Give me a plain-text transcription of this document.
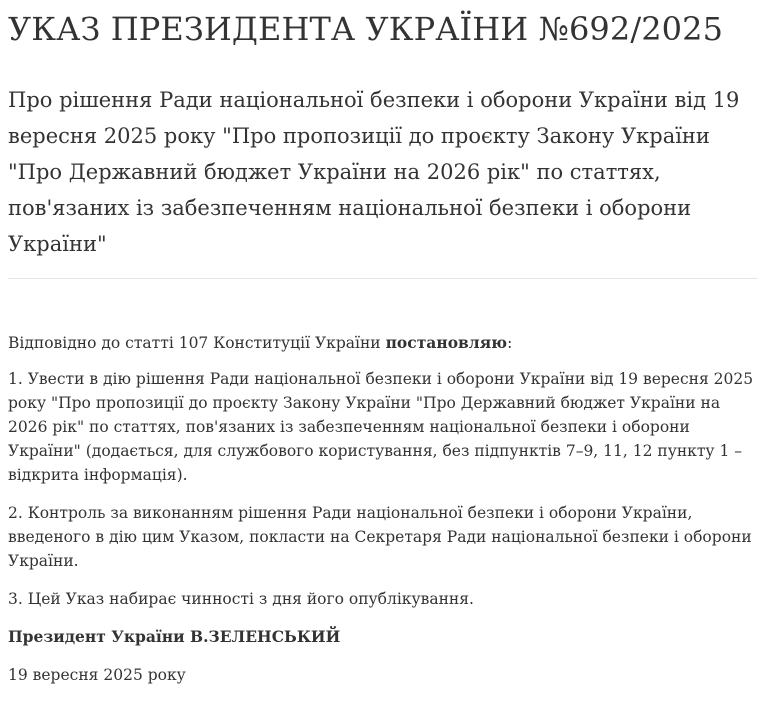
УКАЗ ПРЕЗИДЕНТА УКРАЇНИ №692/2025
Про рішення Ради національної безпеки і оборони України від 19 вересня 2025 року "Про пропозиції до проєкту Закону України "Про Державний бюджет України на 2026 рік" по статтях, пов'язаних із забезпеченням національної безпеки і оборони України"

Відповідно до статті 107 Конституції України постановляю:

1. Увести в дію рішення Ради національної безпеки і оборони України від 19 вересня 2025 року "Про пропозиції до проєкту Закону України "Про Державний бюджет України на 2026 рік" по статтях, пов'язаних із забезпеченням національної безпеки і оборони України" (додається, для службового користування, без підпунктів 7–9, 11, 12 пункту 1 – відкрита інформація).

2. Контроль за виконанням рішення Ради національної безпеки і оборони України, введеного в дію цим Указом, покласти на Секретаря Ради національної безпеки і оборони України.

3. Цей Указ набирає чинності з дня його опублікування.

Президент України В.ЗЕЛЕНСЬКИЙ

19 вересня 2025 року
